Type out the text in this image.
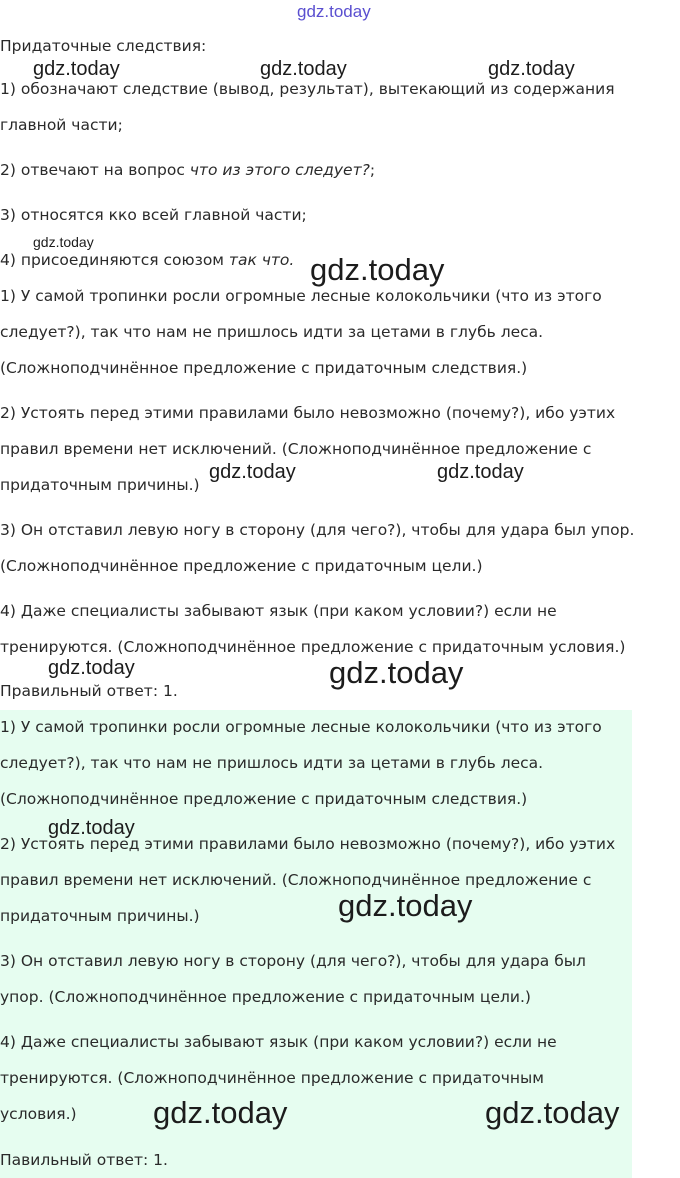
gdz.today
gdz.today	gdz.today	gdz.today
gdz.today
gdz.today
gdz.today	gdz.today
gdz.today	gdz.today
gdz.today
gdz.today
gdz.today	gdz.today
Придаточные следствия:
1) обозначают следствие (вывод, результат), вытекающий из содержания
главной части;
2) отвечают на вопрос что из этого следует?;
3) относятся кко всей главной части;
4) присоединяются союзом так что.
1) У самой тропинки росли огромные лесные колокольчики (что из этого
следует?), так что нам не пришлось идти за цетами в глубь леса.
(Сложноподчинённое предложение с придаточным следствия.)
2) Устоять перед этими правилами было невозможно (почему?), ибо уэтих
правил времени нет исключений. (Сложноподчинённое предложение с
придаточным причины.)
3) Он отставил левую ногу в сторону (для чего?), чтобы для удара был упор.
(Сложноподчинённое предложение с придаточным цели.)
4) Даже специалисты забывают язык (при каком условии?) если не
тренируются. (Сложноподчинённое предложение с придаточным условия.)
Правильный ответ: 1.
1) У самой тропинки росли огромные лесные колокольчики (что из этого
следует?), так что нам не пришлось идти за цетами в глубь леса.
(Сложноподчинённое предложение с придаточным следствия.)
2) Устоять перед этими правилами было невозможно (почему?), ибо уэтих
правил времени нет исключений. (Сложноподчинённое предложение с
придаточным причины.)
3) Он отставил левую ногу в сторону (для чего?), чтобы для удара был
упор. (Сложноподчинённое предложение с придаточным цели.)
4) Даже специалисты забывают язык (при каком условии?) если не
тренируются. (Сложноподчинённое предложение с придаточным
условия.)
Павильный ответ: 1.
